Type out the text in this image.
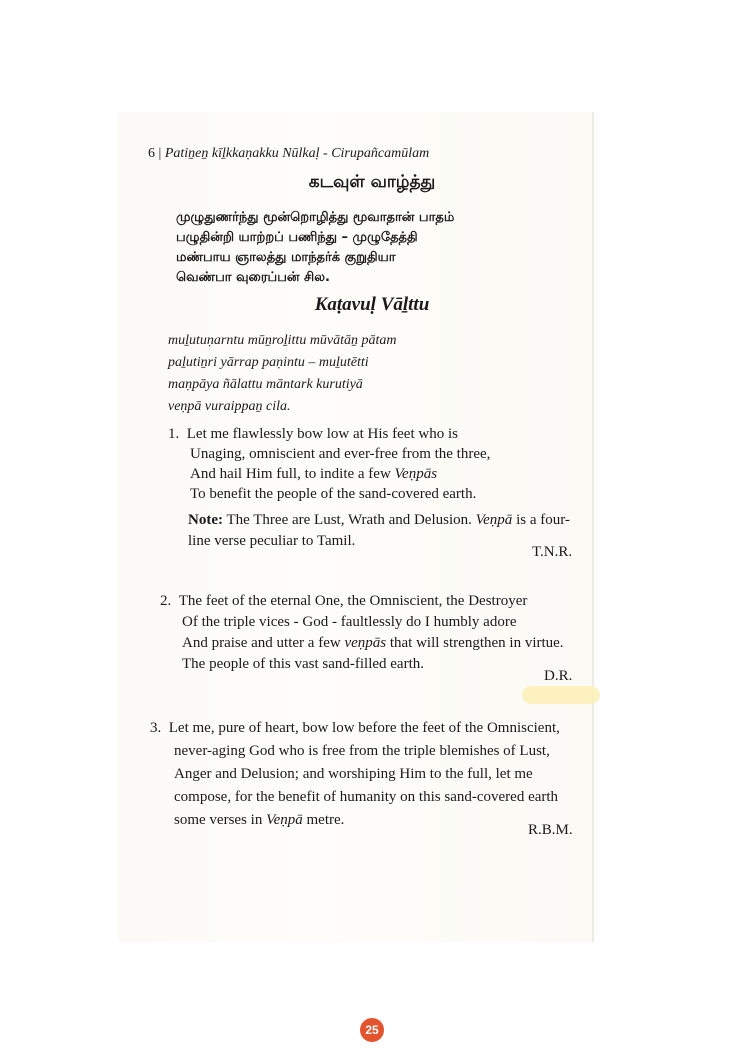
6 | Patiṉeṉ kīḻkkaṇakku Nūlkaḷ - Cirupañcamūlam
கடவுள் வாழ்த்து
முழுதுணர்ந்து மூன்றொழித்து மூவாதான் பாதம்
பழுதின்றி யாற்றப் பணிந்து – முழுதேத்தி
மண்பாய ஞாலத்து மாந்தர்க் குறுதியா
வெண்பா வுரைப்பன் சில.
Kaṭavuḷ Vāḻttu
muḻutuṇarntu mūṉroḻittu mūvātāṉ pātam
paḻutiṉri yārrap paṇintu – muḻutētti
maṇpāya ñālattu māntark kurutiyā
veṇpā vuraippaṉ cila.
1. Let me flawlessly bow low at His feet who is
Unaging, omniscient and ever-free from the three,
And hail Him full, to indite a few Veṇpās
To benefit the people of the sand-covered earth.
Note: The Three are Lust, Wrath and Delusion. Veṇpā is a four-
line verse peculiar to Tamil.
T.N.R.
2. The feet of the eternal One, the Omniscient, the Destroyer
Of the triple vices - God - faultlessly do I humbly adore
And praise and utter a few veṇpās that will strengthen in virtue.
The people of this vast sand-filled earth.
D.R.
3. Let me, pure of heart, bow low before the feet of the Omniscient,
never-aging God who is free from the triple blemishes of Lust,
Anger and Delusion; and worshiping Him to the full, let me
compose, for the benefit of humanity on this sand-covered earth
some verses in Veṇpā metre.
R.B.M.
25
